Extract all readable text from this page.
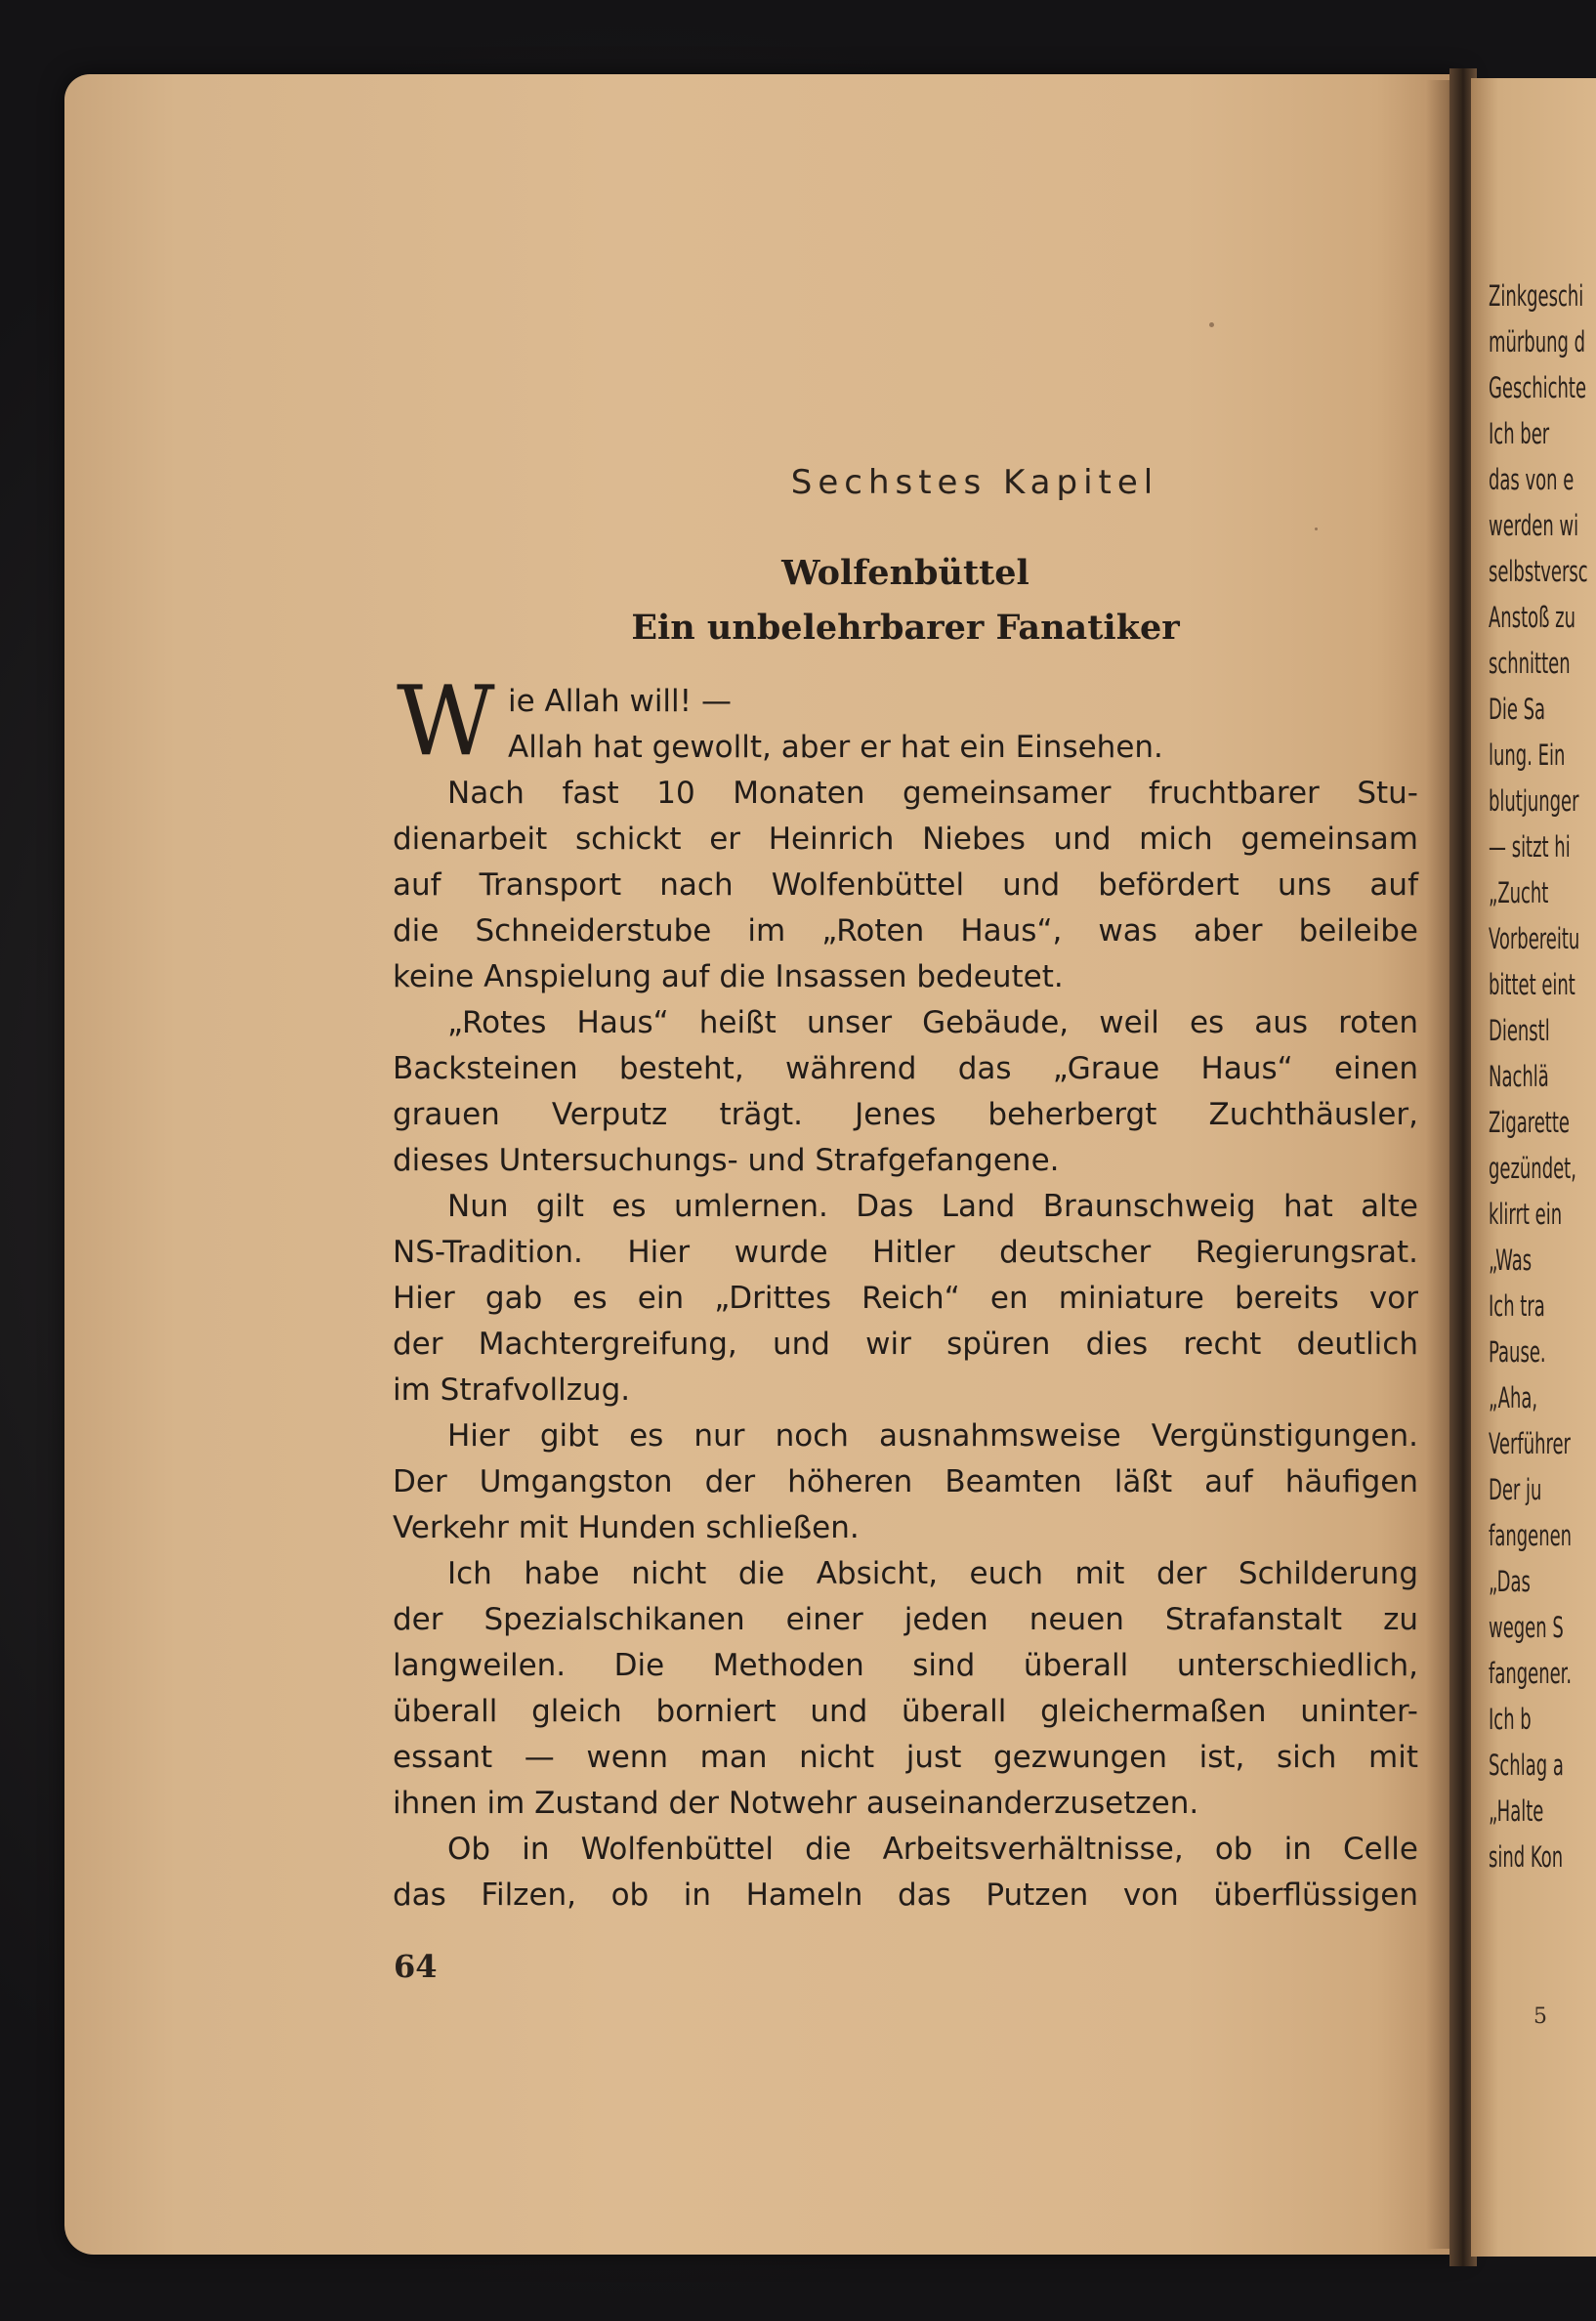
Zinkgeschi
mürbung d
Geschichte
Ich ber
das von e
werden wi
selbstversc
Anstoß zu
schnitten
Die Sa
lung. Ein
blutjunger
— sitzt hi
„Zucht
Vorbereitu
bittet eint
Dienstl
Nachlä
Zigarette
gezündet,
klirrt ein
„Was
Ich tra
Pause.
„Aha,
Verführer
Der ju
fangenen
„Das
wegen S
fangener.
Ich b
Schlag a
„Halte
sind Kon
5
Sechstes Kapitel
Wolfenbüttel
Ein unbelehrbarer Fanatiker
W ie Allah will! —
Allah hat gewollt, aber er hat ein Einsehen.
Nach fast 10 Monaten gemeinsamer fruchtbarer Stu-
dienarbeit schickt er Heinrich Niebes und mich gemeinsam
auf Transport nach Wolfenbüttel und befördert uns auf
die Schneiderstube im „Roten Haus“, was aber beileibe
keine Anspielung auf die Insassen bedeutet.
„Rotes Haus“ heißt unser Gebäude, weil es aus roten
Backsteinen besteht, während das „Graue Haus“ einen
grauen Verputz trägt. Jenes beherbergt Zuchthäusler,
dieses Untersuchungs- und Strafgefangene.
Nun gilt es umlernen. Das Land Braunschweig hat alte
NS-Tradition. Hier wurde Hitler deutscher Regierungsrat.
Hier gab es ein „Drittes Reich“ en miniature bereits vor
der Machtergreifung, und wir spüren dies recht deutlich
im Strafvollzug.
Hier gibt es nur noch ausnahmsweise Vergünstigungen.
Der Umgangston der höheren Beamten läßt auf häufigen
Verkehr mit Hunden schließen.
Ich habe nicht die Absicht, euch mit der Schilderung
der Spezialschikanen einer jeden neuen Strafanstalt zu
langweilen. Die Methoden sind überall unterschiedlich,
überall gleich borniert und überall gleichermaßen uninter-
essant — wenn man nicht just gezwungen ist, sich mit
ihnen im Zustand der Notwehr auseinanderzusetzen.
Ob in Wolfenbüttel die Arbeitsverhältnisse, ob in Celle
das Filzen, ob in Hameln das Putzen von überflüssigen
64
